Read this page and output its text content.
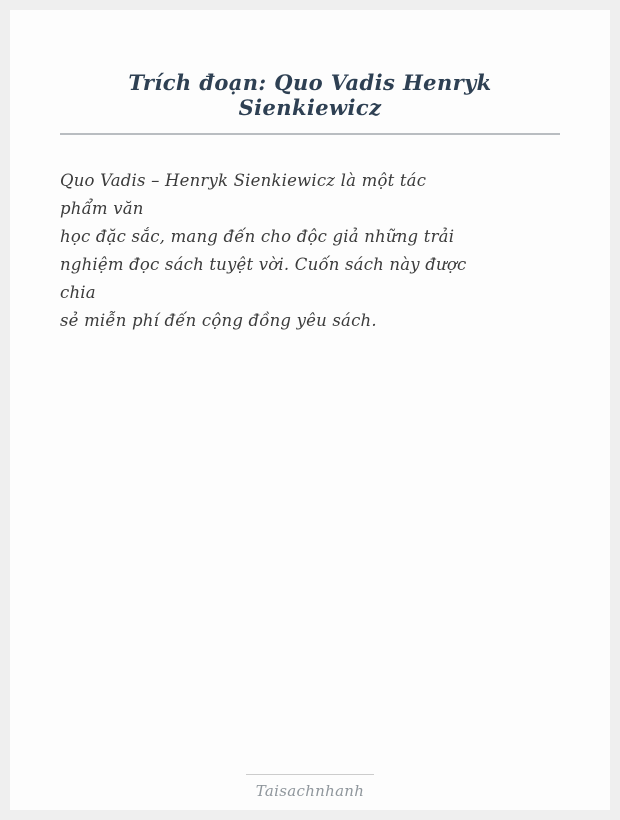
Trích đoạn: Quo Vadis Henryk Sienkiewicz
Quo Vadis – Henryk Sienkiewicz là một tác
phẩm văn
học đặc sắc, mang đến cho độc giả những trải
nghiệm đọc sách tuyệt vời. Cuốn sách này được
chia
sẻ miễn phí đến cộng đồng yêu sách.
Taisachnhanh
